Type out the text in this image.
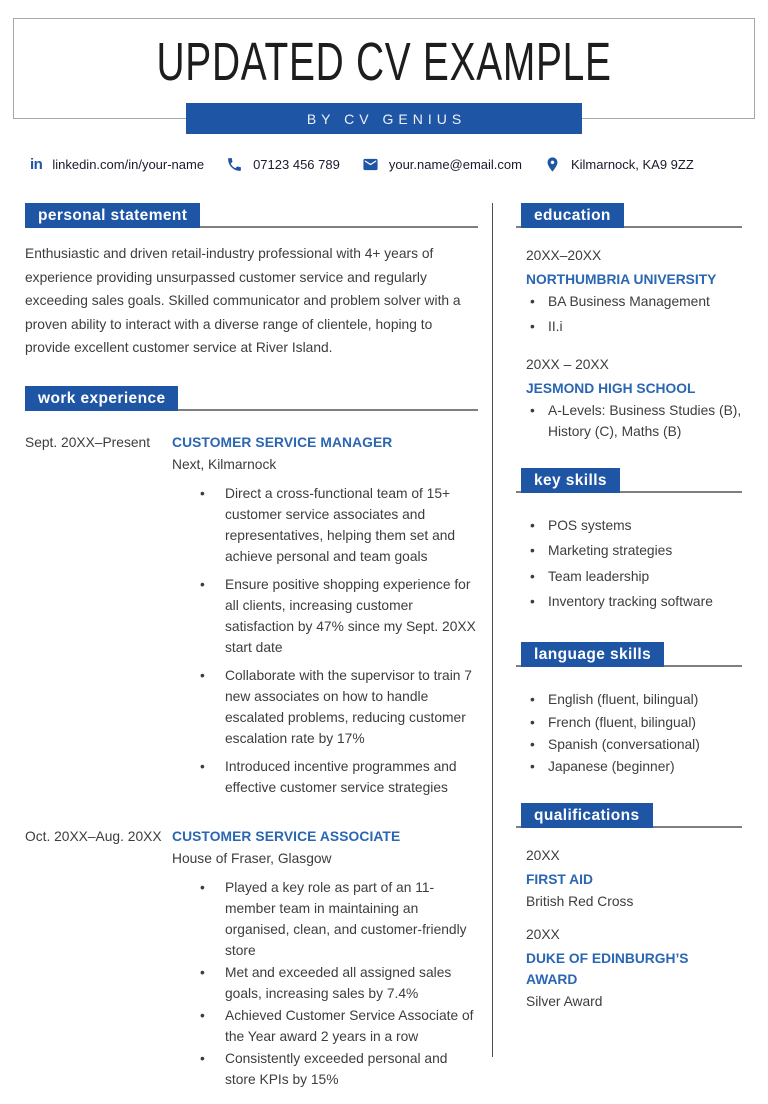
UPDATED CV EXAMPLE
BY CV GENIUS
in linkedin.com/in/your-name	07123 456 789	your.name@email.com	Kilmarnock, KA9 9ZZ
personal statement

Enthusiastic and driven retail-industry professional with 4+ years of experience providing unsurpassed customer service and regularly exceeding sales goals. Skilled communicator and problem solver with a proven ability to interact with a diverse range of clientele, hoping to provide excellent customer service at River Island.

work experience
Sept. 20XX–Present	CUSTOMER SERVICE MANAGER
Next, Kilmarnock
• Direct a cross-functional team of 15+ customer service associates and representatives, helping them set and achieve personal and team goals
• Ensure positive shopping experience for all clients, increasing customer satisfaction by 47% since my Sept. 20XX start date
• Collaborate with the supervisor to train 7 new associates on how to handle escalated problems, reducing customer escalation rate by 17%
• Introduced incentive programmes and effective customer service strategies
Oct. 20XX–Aug. 20XX CUSTOMER SERVICE ASSOCIATE
House of Fraser, Glasgow
• Played a key role as part of an 11-member team in maintaining an organised, clean, and customer-friendly store
• Met and exceeded all assigned sales goals, increasing sales by 7.4%
• Achieved Customer Service Associate of the Year award 2 years in a row
• Consistently exceeded personal and store KPIs by 15%
education
20XX–20XX
NORTHUMBRIA UNIVERSITY
• BA Business Management
• II.i
20XX – 20XX
JESMOND HIGH SCHOOL
• A-Levels: Business Studies (B), History (C), Maths (B)
key skills
• POS systems
• Marketing strategies
• Team leadership
• Inventory tracking software
language skills
• English (fluent, bilingual)
• French (fluent, bilingual)
• Spanish (conversational)
• Japanese (beginner)
qualifications
20XX
FIRST AID
British Red Cross
20XX
DUKE OF EDINBURGH’S AWARD
Silver Award
